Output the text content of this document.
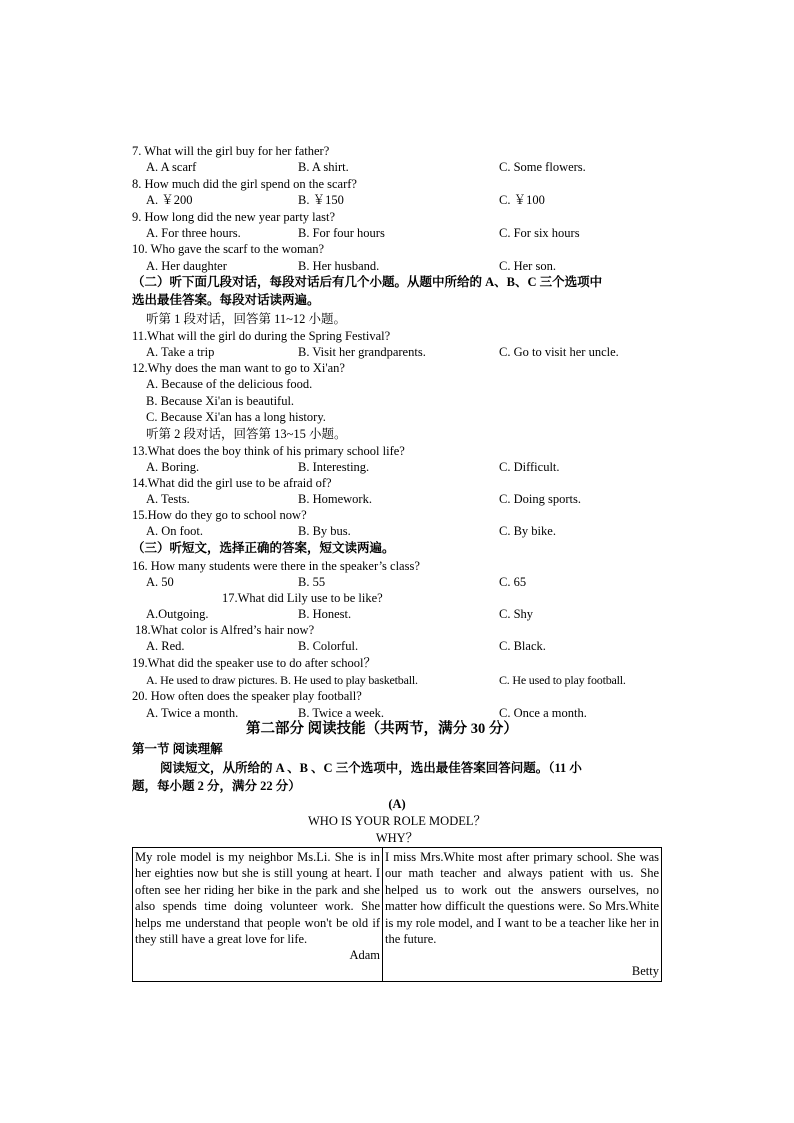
7. What will the girl buy for her father?
A. A scarf	B. A shirt.	C. Some flowers.
8. How much did the girl spend on the scarf?
A. ￥200	B. ￥150	C. ￥100
9. How long did the new year party last?
A. For three hours.	B. For four hours	C. For six hours
10. Who gave the scarf to the woman?
A. Her daughter	B. Her husband.	C. Her son.
（二）听下面几段对话，每段对话后有几个小题。从题中所给的 A、B、C 三个选项中
选出最佳答案。每段对话读两遍。
听第 1 段对话，回答第 11~12 小题。
11.What will the girl do during the Spring Festival?
A. Take a trip	B. Visit her grandparents.	C. Go to visit her uncle.
12.Why does the man want to go to Xi'an?
A. Because of the delicious food.
B. Because Xi'an is beautiful.
C. Because Xi'an has a long history.
听第 2 段对话，回答第 13~15 小题。
13.What does the boy think of his primary school life?
A. Boring.	B. Interesting.	C. Difficult.
14.What did the girl use to be afraid of?
A. Tests.	B. Homework.	C. Doing sports.
15.How do they go to school now?
A. On foot.	B. By bus.	C. By bike.
（三）听短文，选择正确的答案，短文读两遍。
16. How many students were there in the speaker’s class?
A. 50	B. 55	C. 65
17.What did Lily use to be like?
A.Outgoing.	B. Honest.	C. Shy
18.What color is Alfred’s hair now?
A. Red.	B. Colorful.	C. Black.
19.What did the speaker use to do after school？
A. He used to draw pictures. B. He used to play basketball.	C. He used to play football.
20. How often does the speaker play football?
A. Twice a month.	B. Twice a week.	C. Once a month.
第二部分 阅读技能（共两节，满分 30 分）
第一节 阅读理解
阅读短文，从所给的 A 、B 、C 三个选项中，选出最佳答案回答问题。（11 小
题，每小题 2 分，满分 22 分）
(A)
WHO IS YOUR ROLE MODEL？
WHY？
My role model is my neighbor Ms.Li. She is in her eighties now but she is still young at heart. I often see her riding her bike in the park and she also spends time doing volunteer work. She helps me understand that people won't be old if they still have a great love for life.
Adam

I miss Mrs.White most after primary school. She was our math teacher and always patient with us. She helped us to work out the answers ourselves, no matter how difficult the questions were. So Mrs.White is my role model, and I want to be a teacher like her in the future.
Betty
